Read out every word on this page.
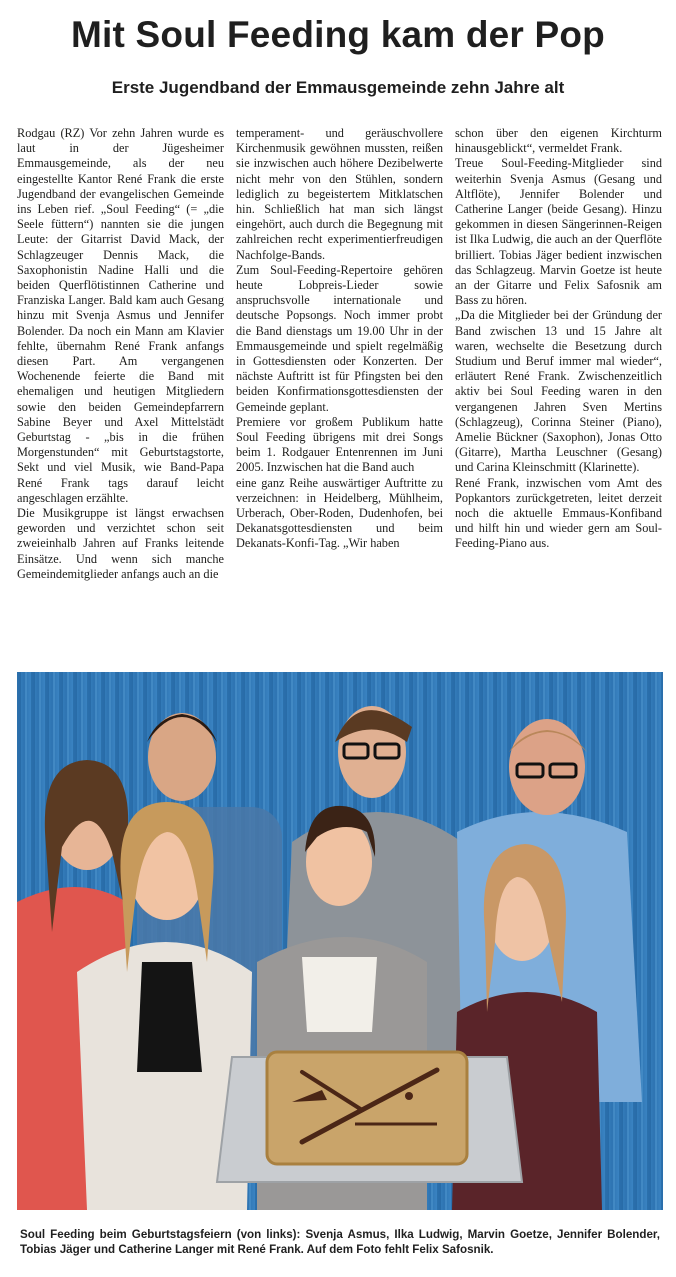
Mit Soul Feeding kam der Pop
Erste Jugendband der Emmausgemeinde zehn Jahre alt

Rodgau (RZ) Vor zehn Jahren wurde es laut in der Jügesheimer Emmausgemeinde, als der neu eingestellte Kantor René Frank die erste Jugendband der evangelischen Gemeinde ins Leben rief. „Soul Feeding“ (= „die Seele füttern“) nannten sie die jungen Leute: der Gitarrist David Mack, der Schlagzeuger Dennis Mack, die Saxophonistin Nadine Halli und die beiden Querflötistinnen Catherine und Franziska Langer. Bald kam auch Gesang hinzu mit Svenja Asmus und Jennifer Bolender. Da noch ein Mann am Klavier fehlte, übernahm René Frank anfangs diesen Part. Am vergangenen Wochenende feierte die Band mit ehemaligen und heutigen Mitgliedern sowie den beiden Gemeindepfarrern Sabine Beyer und Axel Mittelstädt Geburtstag - „bis in die frühen Morgenstunden“ mit Geburtstagstorte, Sekt und viel Musik, wie Band-Papa René Frank tags darauf leicht angeschlagen erzählte.

Die Musikgruppe ist längst erwachsen geworden und verzichtet schon seit zweieinhalb Jahren auf Franks leitende Einsätze. Und wenn sich manche Gemeindemitglieder anfangs auch an die

temperament- und geräuschvollere Kirchenmusik gewöhnen mussten, reißen sie inzwischen auch höhere Dezibelwerte nicht mehr von den Stühlen, sondern lediglich zu begeistertem Mitklatschen hin. Schließlich hat man sich längst eingehört, auch durch die Begegnung mit zahlreichen recht experimentierfreudigen Nachfolge-Bands.

Zum Soul-Feeding-Repertoire gehören heute Lobpreis-Lieder sowie anspruchsvolle internationale und deutsche Popsongs. Noch immer probt die Band dienstags um 19.00 Uhr in der Emmausgemeinde und spielt regelmäßig in Gottesdiensten oder Konzerten. Der nächste Auftritt ist für Pfingsten bei den beiden Konfirmationsgottesdiensten der Gemeinde geplant.

Premiere vor großem Publikum hatte Soul Feeding übrigens mit drei Songs beim 1. Rodgauer Entenrennen im Juni 2005. Inzwischen hat die Band auch

eine ganz Reihe auswärtiger Auftritte zu verzeichnen: in Heidelberg, Mühlheim, Urberach, Ober-Roden, Dudenhofen, bei Dekanatsgottesdiensten und beim Dekanats-Konfi-Tag. „Wir haben

schon über den eigenen Kirchturm hinausgeblickt“, vermeldet Frank.

Treue Soul-Feeding-Mitglieder sind weiterhin Svenja Asmus (Gesang und Altflöte), Jennifer Bolender und Catherine Langer (beide Gesang). Hinzu gekommen in diesen Sängerinnen-Reigen ist Ilka Ludwig, die auch an der Querflöte brilliert. Tobias Jäger bedient inzwischen das Schlagzeug. Marvin Goetze ist heute an der Gitarre und Felix Safosnik am Bass zu hören.

„Da die Mitglieder bei der Gründung der Band zwischen 13 und 15 Jahre alt waren, wechselte die Besetzung durch Studium und Beruf immer mal wieder“, erläutert René Frank. Zwischenzeitlich aktiv bei Soul Feeding waren in den vergangenen Jahren Sven Mertins (Schlagzeug), Corinna Steiner (Piano), Amelie Bückner (Saxophon), Jonas Otto (Gitarre), Martha Leuschner (Gesang) und Carina Kleinschmitt (Klarinette).

René Frank, inzwischen vom Amt des Popkantors zurückgetreten, leitet derzeit noch die aktuelle Emmaus-Konfiband und hilft hin und wieder gern am Soul-Feeding-Piano aus.

Soul Feeding beim Geburtstagsfeiern (von links): Svenja Asmus, Ilka Ludwig, Marvin Goetze, Jennifer Bolender, Tobias Jäger und Catherine Langer mit René Frank. Auf dem Foto fehlt Felix Safosnik.
